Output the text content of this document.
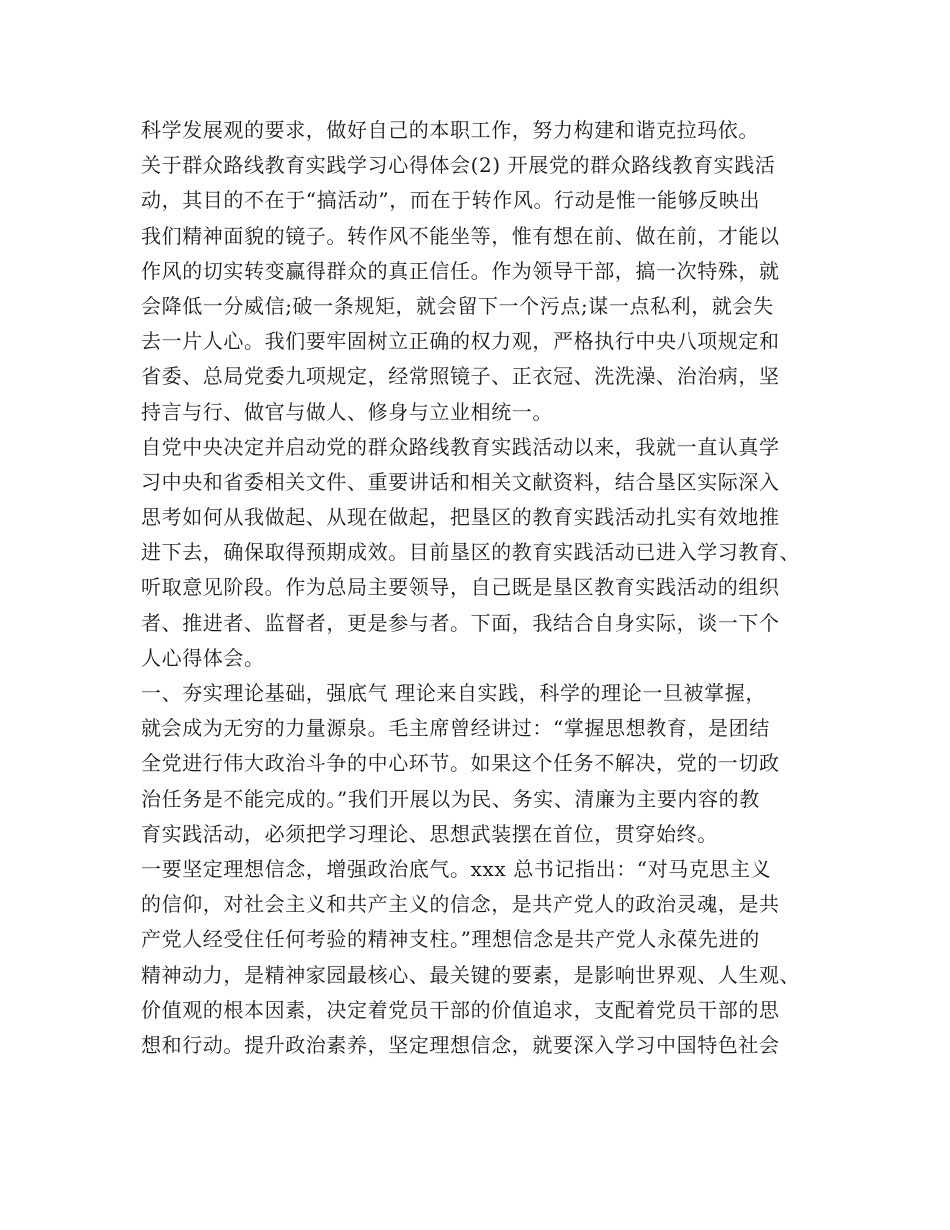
科学发展观的要求，做好自己的本职工作，努力构建和谐克拉玛依。
关于群众路线教育实践学习心得体会(2) 开展党的群众路线教育实践活
动，其目的不在于“搞活动”，而在于转作风。行动是惟一能够反映出
我们精神面貌的镜子。转作风不能坐等，惟有想在前、做在前，才能以
作风的切实转变赢得群众的真正信任。作为领导干部，搞一次特殊，就
会降低一分威信;破一条规矩，就会留下一个污点;谋一点私利，就会失
去一片人心。我们要牢固树立正确的权力观，严格执行中央八项规定和
省委、总局党委九项规定，经常照镜子、正衣冠、洗洗澡、治治病，坚
持言与行、做官与做人、修身与立业相统一。
自党中央决定并启动党的群众路线教育实践活动以来，我就一直认真学
习中央和省委相关文件、重要讲话和相关文献资料，结合垦区实际深入
思考如何从我做起、从现在做起，把垦区的教育实践活动扎实有效地推
进下去，确保取得预期成效。目前垦区的教育实践活动已进入学习教育、
听取意见阶段。作为总局主要领导，自己既是垦区教育实践活动的组织
者、推进者、监督者，更是参与者。下面，我结合自身实际，谈一下个
人心得体会。
一、夯实理论基础，强底气 理论来自实践，科学的理论一旦被掌握，
就会成为无穷的力量源泉。毛主席曾经讲过：“掌握思想教育，是团结
全党进行伟大政治斗争的中心环节。如果这个任务不解决，党的一切政
治任务是不能完成的。”我们开展以为民、务实、清廉为主要内容的教
育实践活动，必须把学习理论、思想武装摆在首位，贯穿始终。
一要坚定理想信念，增强政治底气。xxx 总书记指出：“对马克思主义
的信仰，对社会主义和共产主义的信念，是共产党人的政治灵魂，是共
产党人经受住任何考验的精神支柱。”理想信念是共产党人永葆先进的
精神动力，是精神家园最核心、最关键的要素，是影响世界观、人生观、
价值观的根本因素，决定着党员干部的价值追求，支配着党员干部的思
想和行动。提升政治素养，坚定理想信念，就要深入学习中国特色社会
